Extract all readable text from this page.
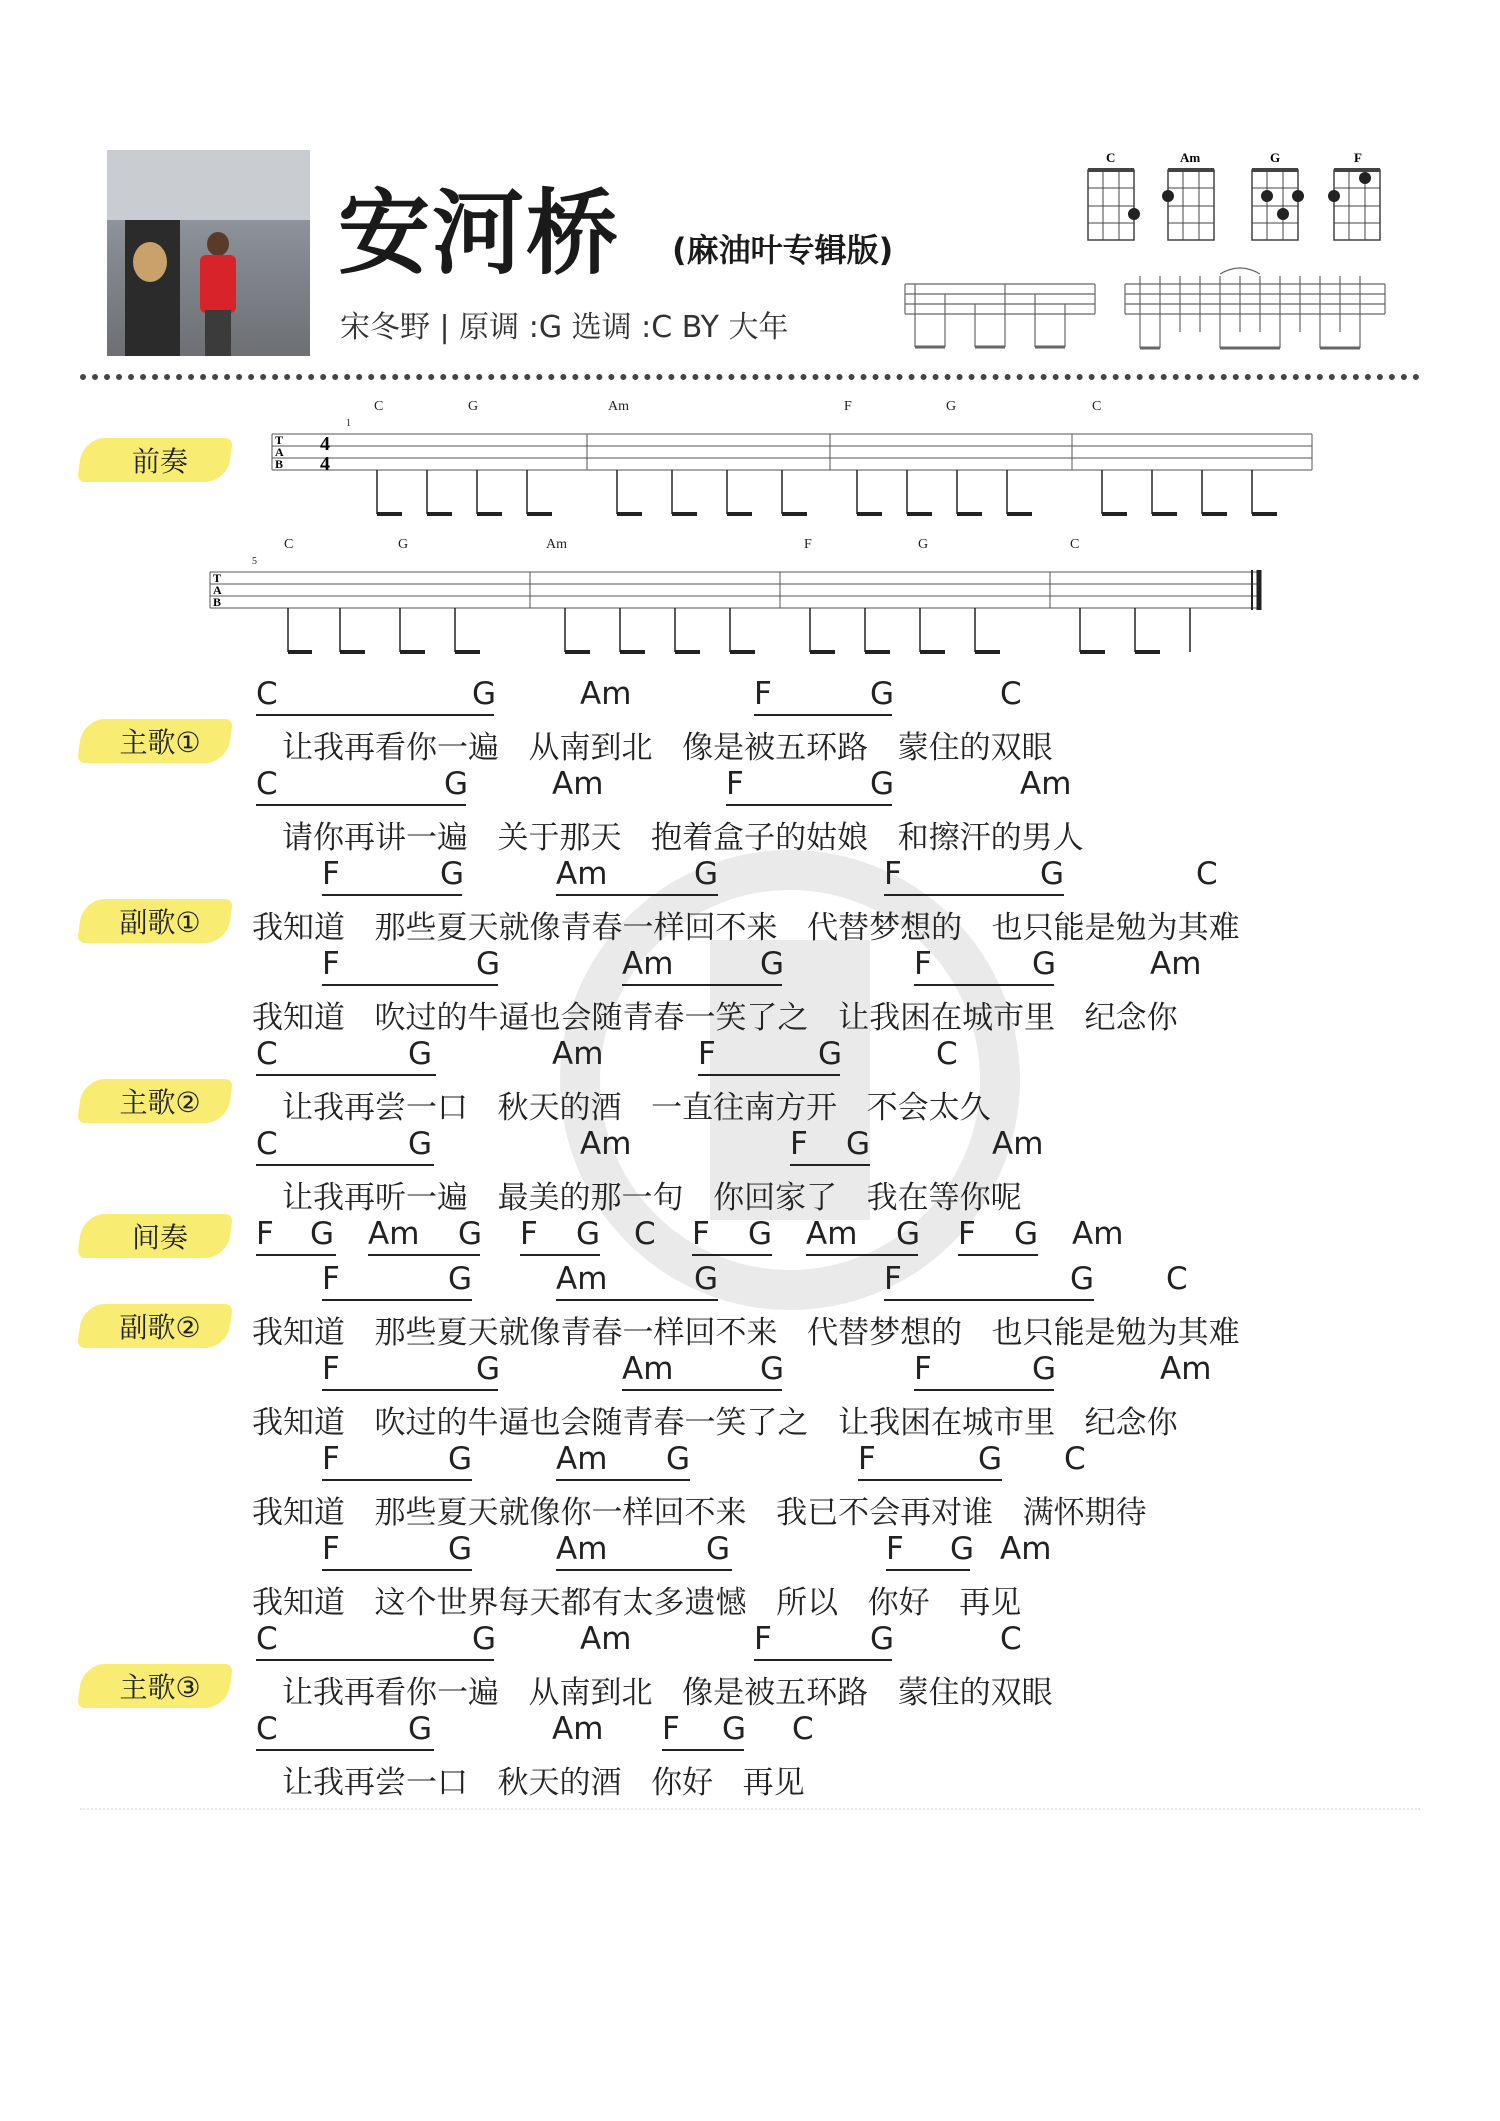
安河桥 (麻油叶专辑版)
宋冬野 | 原调 :G 选调 :C BY 大年
C	Am	G	F
前奏
C	G	Am	F	G	C
1
T
A
B
4
4
C	G	Am	F	G	C
5
T
A
B
主歌①
副歌①
主歌②
间奏
副歌②
主歌③
C	G	Am	F	G	C
让我再看你一遍   从南到北   像是被五环路   蒙住的双眼
C	G	Am	F	G	Am
请你再讲一遍   关于那天   抱着盒子的姑娘   和擦汗的男人
F	G	Am	G	F	G	C
我知道   那些夏天就像青春一样回不来   代替梦想的   也只能是勉为其难
F	G	Am	G	F	G	Am
我知道   吹过的牛逼也会随青春一笑了之   让我困在城市里   纪念你
C	G	Am	F	G	C
让我再尝一口   秋天的酒   一直往南方开   不会太久
C	G	Am	F	G	Am
让我再听一遍   最美的那一句   你回家了   我在等你呢
F	G Am	G F	G C F	G Am	G F	G Am
F	G	Am	G	F	G C
我知道   那些夏天就像青春一样回不来   代替梦想的   也只能是勉为其难
F	G	Am	G	F	G	Am
我知道   吹过的牛逼也会随青春一笑了之   让我困在城市里   纪念你
F	G	Am	G	F	G C
我知道   那些夏天就像你一样回不来   我已不会再对谁   满怀期待
F	G	Am	G	F	G Am
我知道   这个世界每天都有太多遗憾   所以   你好   再见
C	G	Am	F	G	C
让我再看你一遍   从南到北   像是被五环路   蒙住的双眼
C	G	Am F	G C
让我再尝一口   秋天的酒   你好   再见
